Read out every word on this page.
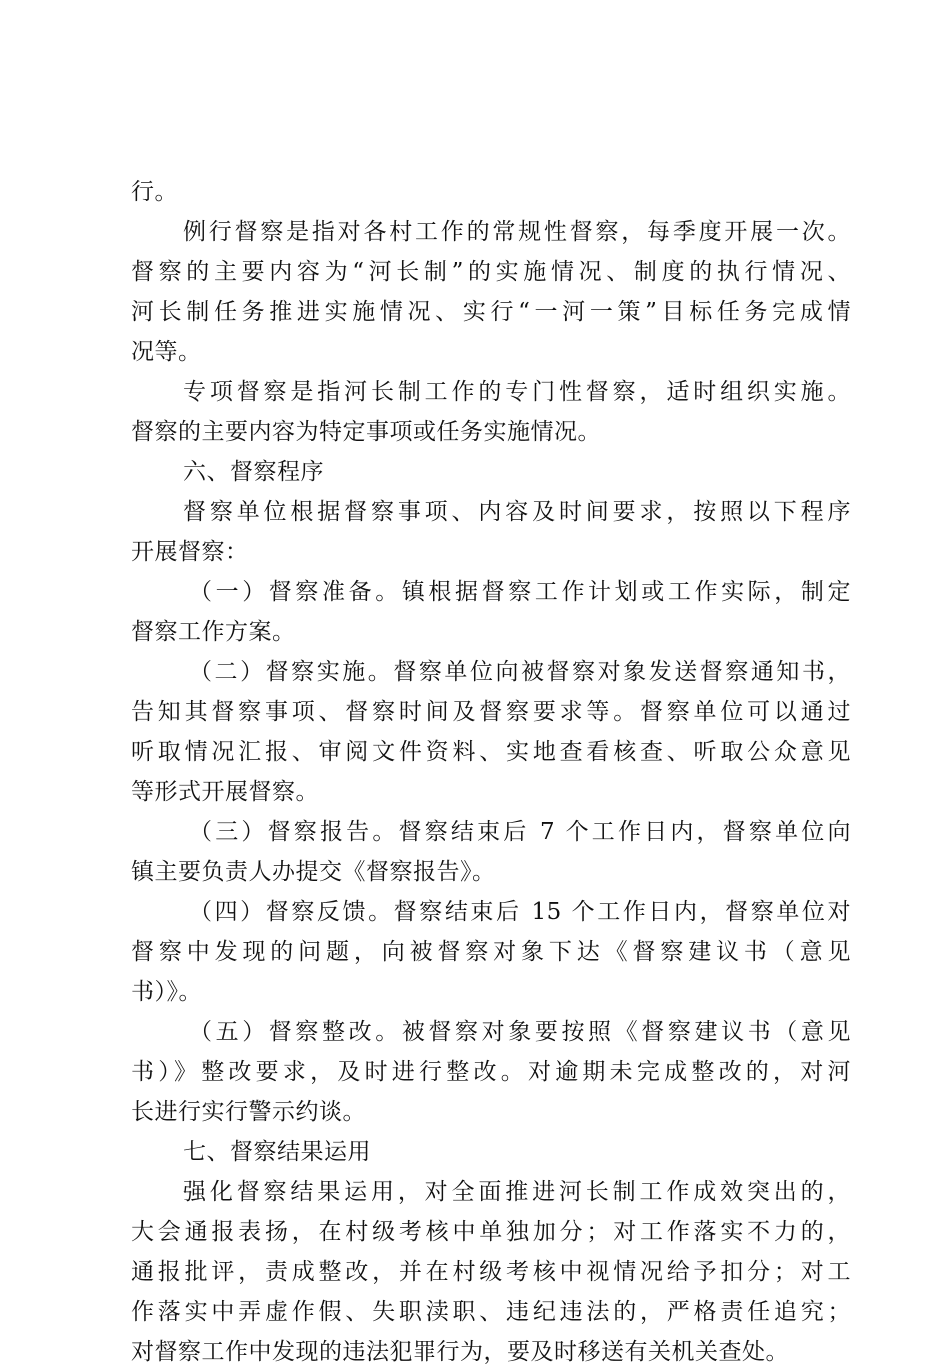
行。
例行督察是指对各村工作的常规性督察，每季度开展一次。
督察的主要内容为“河长制”的实施情况、制度的执行情况、
河长制任务推进实施情况、实行“一河一策”目标任务完成情
况等。
专项督察是指河长制工作的专门性督察，适时组织实施。
督察的主要内容为特定事项或任务实施情况。
六、督察程序
督察单位根据督察事项、内容及时间要求，按照以下程序
开展督察：
（一）督察准备。镇根据督察工作计划或工作实际，制定
督察工作方案。
（二）督察实施。督察单位向被督察对象发送督察通知书，
告知其督察事项、督察时间及督察要求等。督察单位可以通过
听取情况汇报、审阅文件资料、实地查看核查、听取公众意见
等形式开展督察。
（三）督察报告。督察结束后 7 个工作日内，督察单位向
镇主要负责人办提交《督察报告》。
（四）督察反馈。督察结束后 15 个工作日内，督察单位对
督察中发现的问题，向被督察对象下达《督察建议书（意见
书）》。
（五）督察整改。被督察对象要按照《督察建议书（意见
书）》整改要求，及时进行整改。对逾期未完成整改的，对河
长进行实行警示约谈。
七、督察结果运用
强化督察结果运用，对全面推进河长制工作成效突出的，
大会通报表扬，在村级考核中单独加分；对工作落实不力的，
通报批评，责成整改，并在村级考核中视情况给予扣分；对工
作落实中弄虚作假、失职渎职、违纪违法的，严格责任追究；
对督察工作中发现的违法犯罪行为，要及时移送有关机关查处。
